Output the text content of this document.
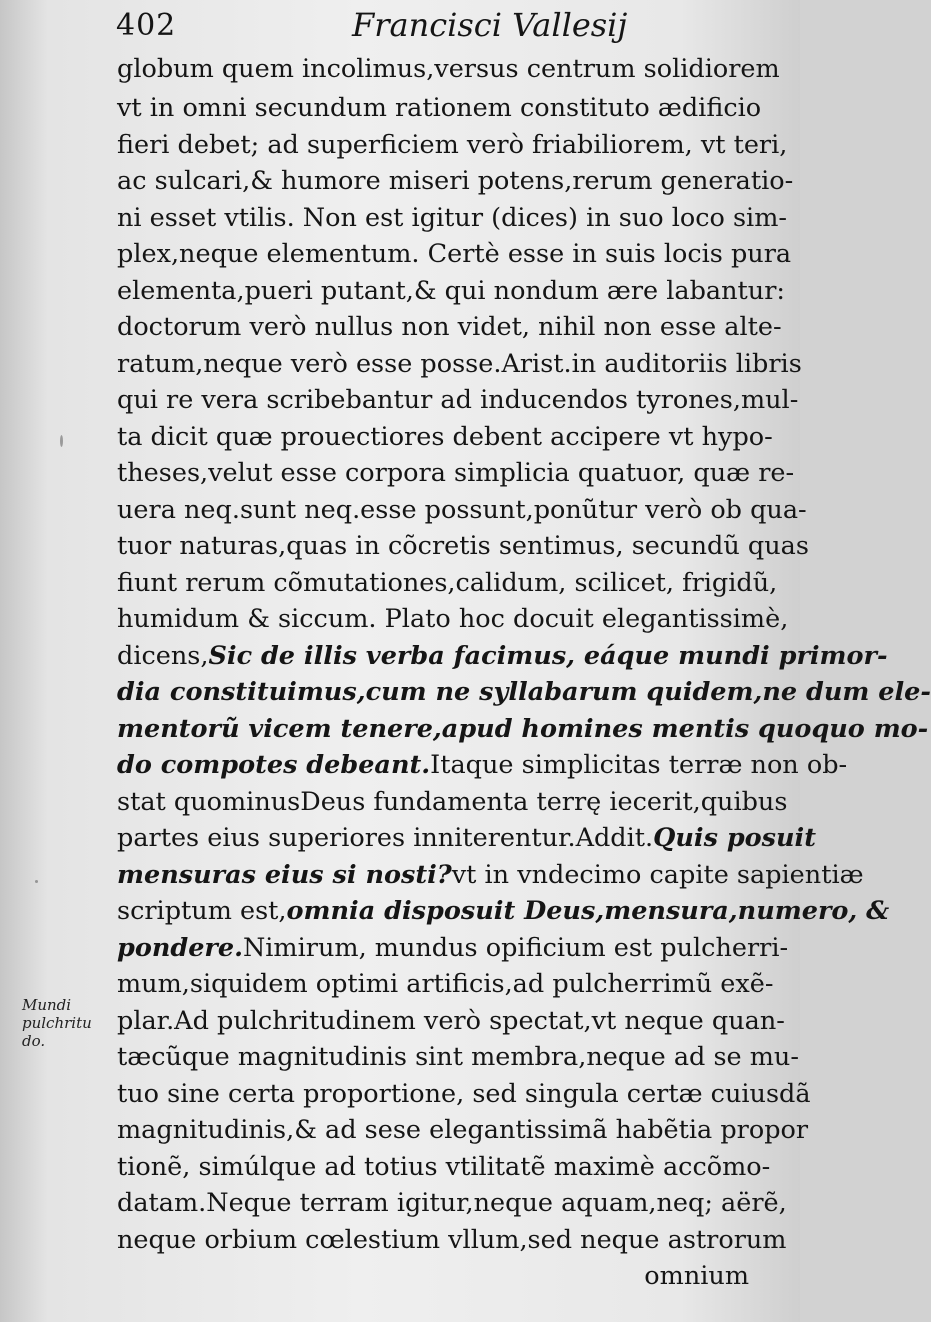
402	Francisci Vallesij
Mundi
pulchritu
do.
globum quem incolimus,versus centrum solidiorem
vt in omni secundum rationem constituto ædificio
fieri debet; ad superficiem verò friabiliorem, vt teri,
ac sulcari,& humore miseri potens,rerum generatio-
ni esset vtilis. Non est igitur (dices) in suo loco sim-
plex,neque elementum. Certè esse in suis locis pura
elementa,pueri putant,& qui nondum ære labantur:
doctorum verò nullus non videt, nihil non esse alte-
ratum,neque verò esse posse.Arist.in auditoriis libris
qui re vera scribebantur ad inducendos tyrones,mul-
ta dicit quæ prouectiores debent accipere vt hypo-
theses,velut esse corpora simplicia quatuor, quæ re-
uera neq.sunt neq.esse possunt,ponũtur verò ob qua-
tuor naturas,quas in cõcretis sentimus, secundũ quas
fiunt rerum cõmutationes,calidum, scilicet, frigidũ,
humidum & siccum. Plato hoc docuit elegantissimè,
dicens,Sic de illis verba facimus, eáque mundi primor-
dia constituimus,cum ne syllabarum quidem,ne dum ele-
mentorũ vicem tenere,apud homines mentis quoquo mo-
do compotes debeant.Itaque simplicitas terræ non ob-
stat quominusDeus fundamenta terrę iecerit,quibus
partes eius superiores inniterentur.Addit.Quis posuit
mensuras eius si nosti?vt in vndecimo capite sapientiæ
scriptum est,omnia disposuit Deus,mensura,numero, &
pondere.Nimirum, mundus opificium est pulcherri-
mum,siquidem optimi artificis,ad pulcherrimũ exẽ-
plar.Ad pulchritudinem verò spectat,vt neque quan-
tæcũque magnitudinis sint membra,neque ad se mu-
tuo sine certa proportione, sed singula certæ cuiusdã
magnitudinis,& ad sese elegantissimã habẽtia propor
tionẽ, simúlque ad totius vtilitatẽ maximè accõmo-
datam.Neque terram igitur,neque aquam,neq; aërẽ,
neque orbium cœlestium vllum,sed neque astrorum
omnium
